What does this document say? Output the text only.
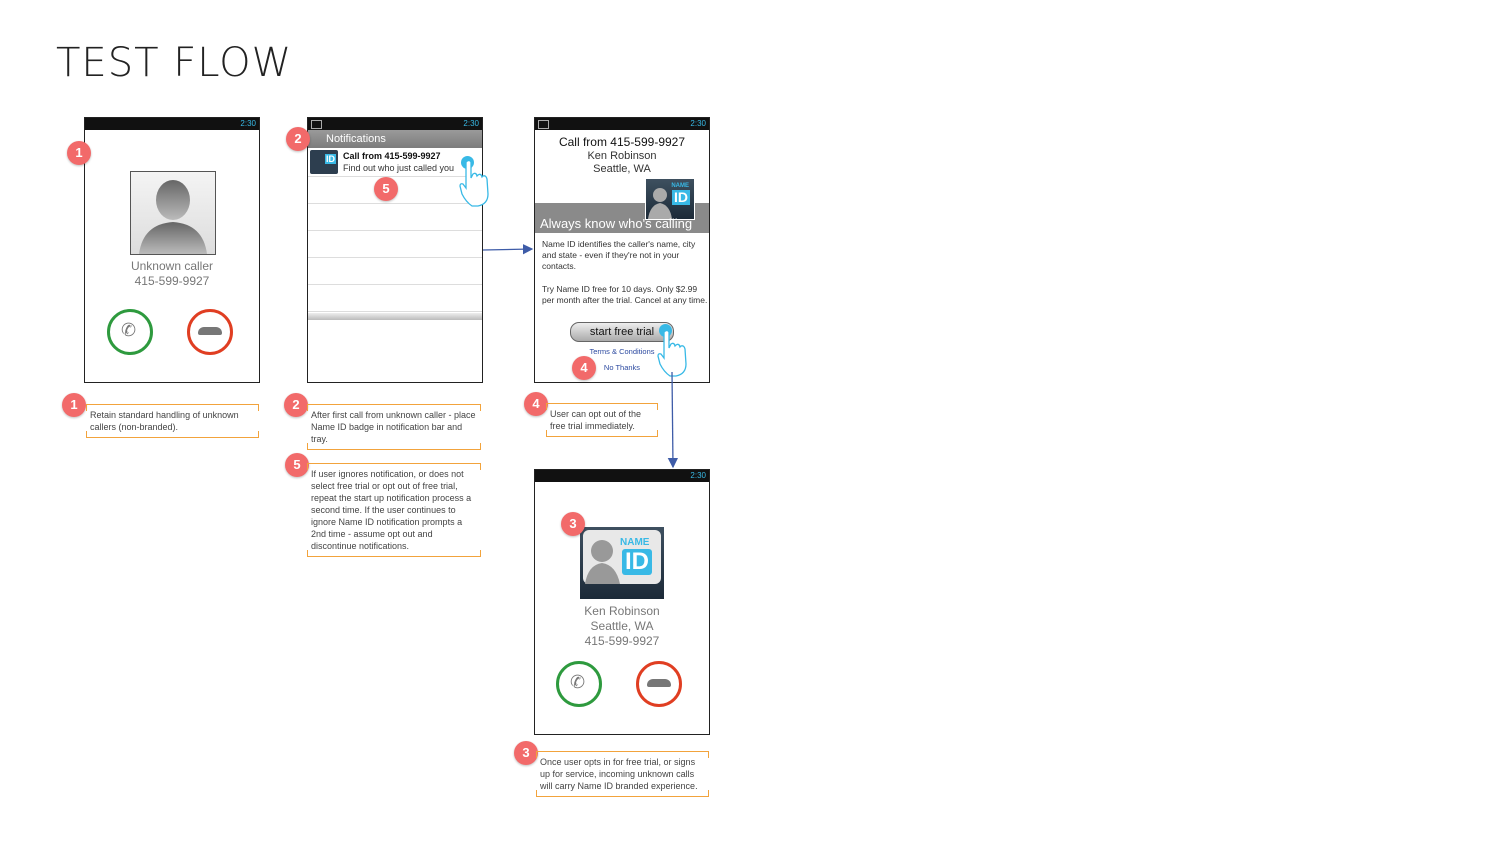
TEST FLOW
2:30
Unknown caller
415-599-9927
✆
1
2:30
Notifications
ID Call from 415-599-9927
Find out who just called you
2
5
2:30
Call from 415-599-9927
Ken Robinson
Seattle, WA
NAME
ID
Always know who's calling
Name ID identifies the caller's name, city and state - even if they're not in your contacts.
Try Name ID free for 10 days. Only $2.99 per month after the trial. Cancel at any time.
start free trial
Terms & Conditions
No Thanks
4
2:30
NAME
ID
Ken Robinson
Seattle, WA
415-599-9927
✆
3
1
Retain standard handling of unknown callers (non-branded).
2
After first call from unknown caller - place Name ID badge in notification bar and tray.
5
If user ignores notification, or does not select free trial or opt out of free trial, repeat the start up notification process a second time. If the user continues to ignore Name ID notification prompts a 2nd time - assume opt out and discontinue notifications.
4
User can opt out of the free trial immediately.
3
Once user opts in for free trial, or signs up for service, incoming unknown calls will carry Name ID branded experience.
